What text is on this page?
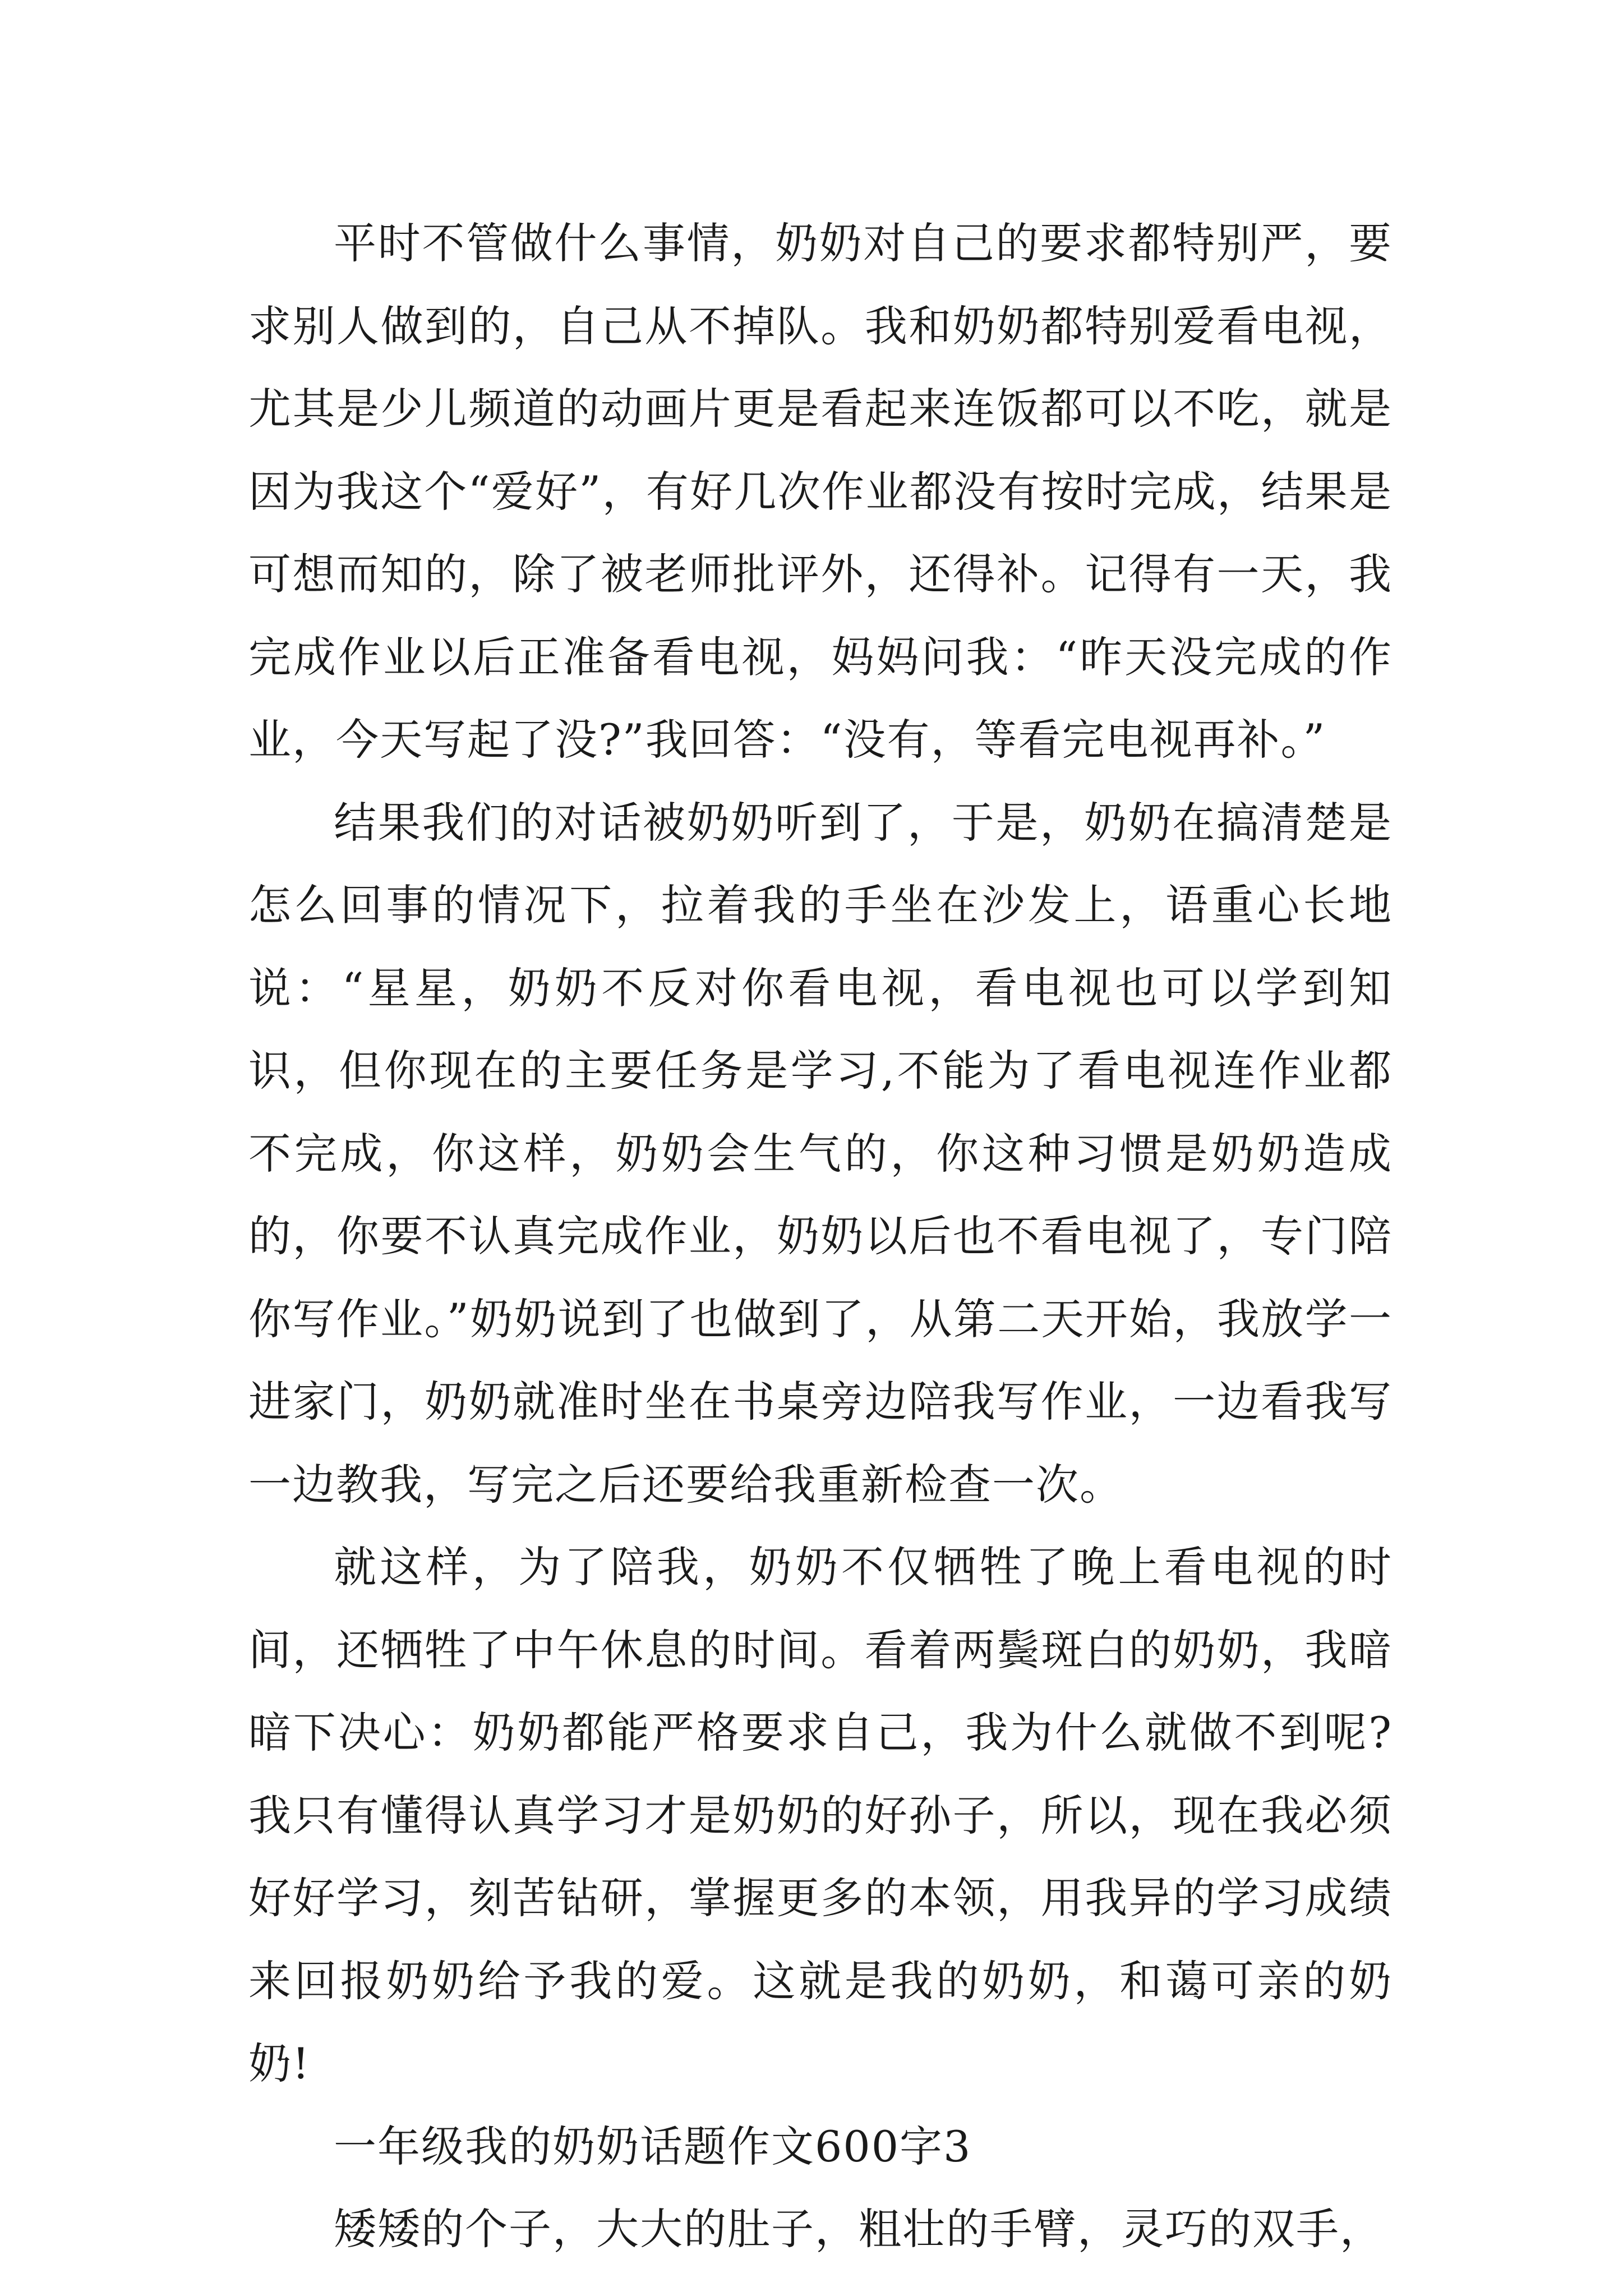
平时不管做什么事情，奶奶对自己的要求都特别严，要求别人做到的，自己从不掉队。我和奶奶都特别爱看电视，尤其是少儿频道的动画片更是看起来连饭都可以不吃，就是因为我这个“爱好”，有好几次作业都没有按时完成，结果是可想而知的，除了被老师批评外，还得补。记得有一天，我完成作业以后正准备看电视，妈妈问我：“昨天没完成的作业，今天写起了没?”我回答：“没有，等看完电视再补。”

结果我们的对话被奶奶听到了，于是，奶奶在搞清楚是怎么回事的情况下，拉着我的手坐在沙发上，语重心长地说：“星星，奶奶不反对你看电视，看电视也可以学到知识，但你现在的主要任务是学习,不能为了看电视连作业都不完成，你这样，奶奶会生气的，你这种习惯是奶奶造成的，你要不认真完成作业，奶奶以后也不看电视了，专门陪你写作业。”奶奶说到了也做到了，从第二天开始，我放学一进家门，奶奶就准时坐在书桌旁边陪我写作业，一边看我写一边教我，写完之后还要给我重新检查一次。

就这样，为了陪我，奶奶不仅牺牲了晚上看电视的时间，还牺牲了中午休息的时间。看着两鬓斑白的奶奶，我暗暗下决心：奶奶都能严格要求自己，我为什么就做不到呢?我只有懂得认真学习才是奶奶的好孙子，所以，现在我必须好好学习，刻苦钻研，掌握更多的本领，用我异的学习成绩来回报奶奶给予我的爱。这就是我的奶奶，和蔼可亲的奶奶!

一年级我的奶奶话题作文600字3

矮矮的个子，大大的肚子，粗壮的手臂，灵巧的双手，
